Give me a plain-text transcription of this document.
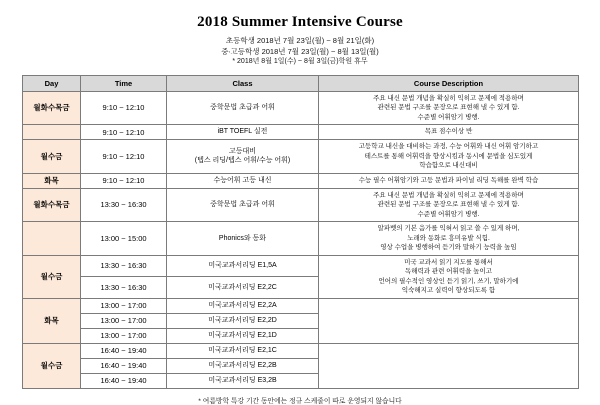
2018 Summer Intensive Course
초등학생 2018년 7월 23일(월) ~ 8월 21일(화)
중∙고등학생 2018년 7월 23일(월) ~ 8월 13일(월)
* 2018년 8월 1일(수) ~ 8월 3일(금)학원 휴무
Day	Time	Class	Course Description
월화수목금	9:10 ~ 12:10	중학문법 초급과 어휘	주요 내신 문법 개념을 확실히 익히고 문제에 적용하며
관련된 문법 구조를 문장으로 표현해 낼 수 있게 함.
수준별 어휘암기 병행.
	9:10 ~ 12:10	iBT TOEFL 실전	목표 점수이상 반
월수금	9:10 ~ 12:10	고등대비
(텝스 리딩/텝스 어휘/수능 어휘)	고등학교 내신을 대비하는 과정, 수능 어휘와 내신 어휘 암기하고
테스트를 통해 어휘력을 향상시킴과 동시에 문법을 심도있게
학습함으로 내신대비
화목	9:10 ~ 12:10	수능어휘 고등 내신	수능 필수 어휘암기와 고등 문법과 파이널 리딩 독해를 완벽 학습
월화수목금	13:30 ~ 16:30	중학문법 초급과 어휘	주요 내신 문법 개념을 확실히 익히고 문제에 적용하며
관련된 문법 구조를 문장으로 표현해 낼 수 있게 함.
수준별 어휘암기 병행.
	13:00 ~ 15:00	Phonics와 동화	알파벳의 기본 음가를 익혀서 읽고 쓸 수 있게 하며,
노래와 동화로 흥미유발 식힘.
영상 수업을 병행하여 듣기와 말하기 능력을 높임
월수금	13:30 ~ 16:30	미국교과서리딩 E1,5A	미국 교과서 읽기 지도를 통해서
독해력과 관련 어휘력을 높이고
언어의 필수적인 영상인 듣기 읽기, 쓰기, 말하기에
익숙해지고 실력이 향상되도록 함
	13:30 ~ 16:30	미국교과서리딩 E2,2C	
화목	13:00 ~ 17:00	미국교과서리딩 E2,2A	
	13:00 ~ 17:00	미국교과서리딩 E2,2D	
	13:00 ~ 17:00	미국교과서리딩 E2,1D	
월수금	16:40 ~ 19:40	미국교과서리딩 E2,1C	
	16:40 ~ 19:40	미국교과서리딩 E2,2B	
	16:40 ~ 19:40	미국교과서리딩 E3,2B	
* 여름방학 특강 기간 동안에는 정규 스케줄이 따로 운영되지 않습니다
